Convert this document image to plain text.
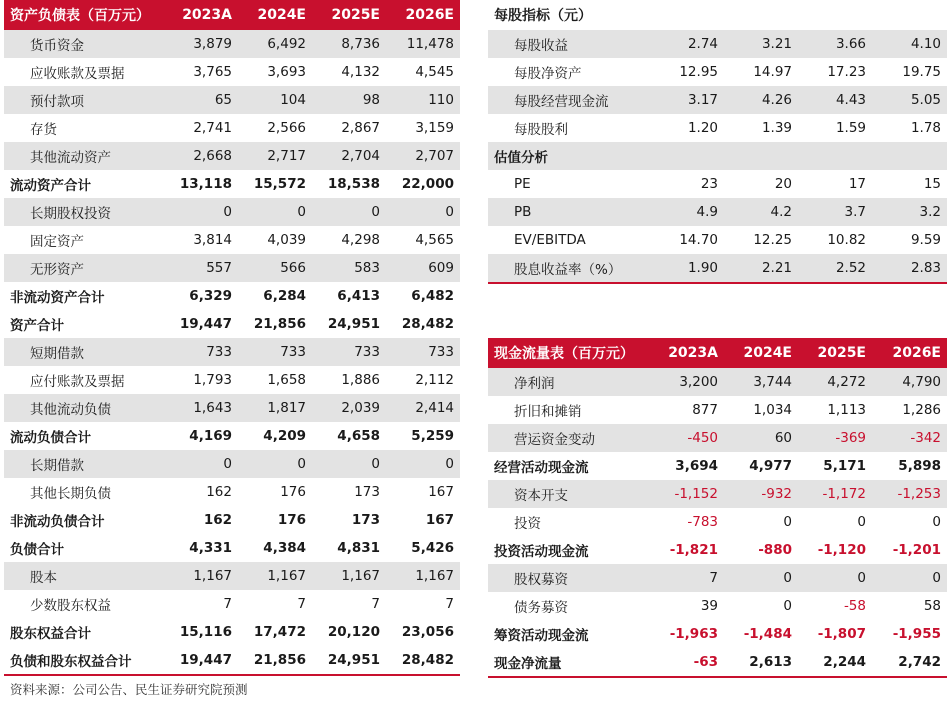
资产负债表（百万元）	2023A	2024E	2025E	2026E
货币资金	3,879	6,492	8,736	11,478
应收账款及票据	3,765	3,693	4,132	4,545
预付款项	65	104	98	110
存货	2,741	2,566	2,867	3,159
其他流动资产	2,668	2,717	2,704	2,707
流动资产合计	13,118	15,572	18,538	22,000
长期股权投资	0	0	0	0
固定资产	3,814	4,039	4,298	4,565
无形资产	557	566	583	609
非流动资产合计	6,329	6,284	6,413	6,482
资产合计	19,447	21,856	24,951	28,482
短期借款	733	733	733	733
应付账款及票据	1,793	1,658	1,886	2,112
其他流动负债	1,643	1,817	2,039	2,414
流动负债合计	4,169	4,209	4,658	5,259
长期借款	0	0	0	0
其他长期负债	162	176	173	167
非流动负债合计	162	176	173	167
负债合计	4,331	4,384	4,831	5,426
股本	1,167	1,167	1,167	1,167
少数股东权益	7	7	7	7
股东权益合计	15,116	17,472	20,120	23,056
负债和股东权益合计	19,447	21,856	24,951	28,482
每股指标（元）				
每股收益	2.74	3.21	3.66	4.10
每股净资产	12.95	14.97	17.23	19.75
每股经营现金流	3.17	4.26	4.43	5.05
每股股利	1.20	1.39	1.59	1.78
估值分析				
PE	23	20	17	15
PB	4.9	4.2	3.7	3.2
EV/EBITDA	14.70	12.25	10.82	9.59
股息收益率（%）	1.90	2.21	2.52	2.83
现金流量表（百万元）	2023A	2024E	2025E	2026E
净利润	3,200	3,744	4,272	4,790
折旧和摊销	877	1,034	1,113	1,286
营运资金变动	-450	60	-369	-342
经营活动现金流	3,694	4,977	5,171	5,898
资本开支	-1,152	-932	-1,172	-1,253
投资	-783	0	0	0
投资活动现金流	-1,821	-880	-1,120	-1,201
股权募资	7	0	0	0
债务募资	39	0	-58	58
筹资活动现金流	-1,963	-1,484	-1,807	-1,955
现金净流量	-63	2,613	2,244	2,742
资料来源：公司公告、民生证券研究院预测
